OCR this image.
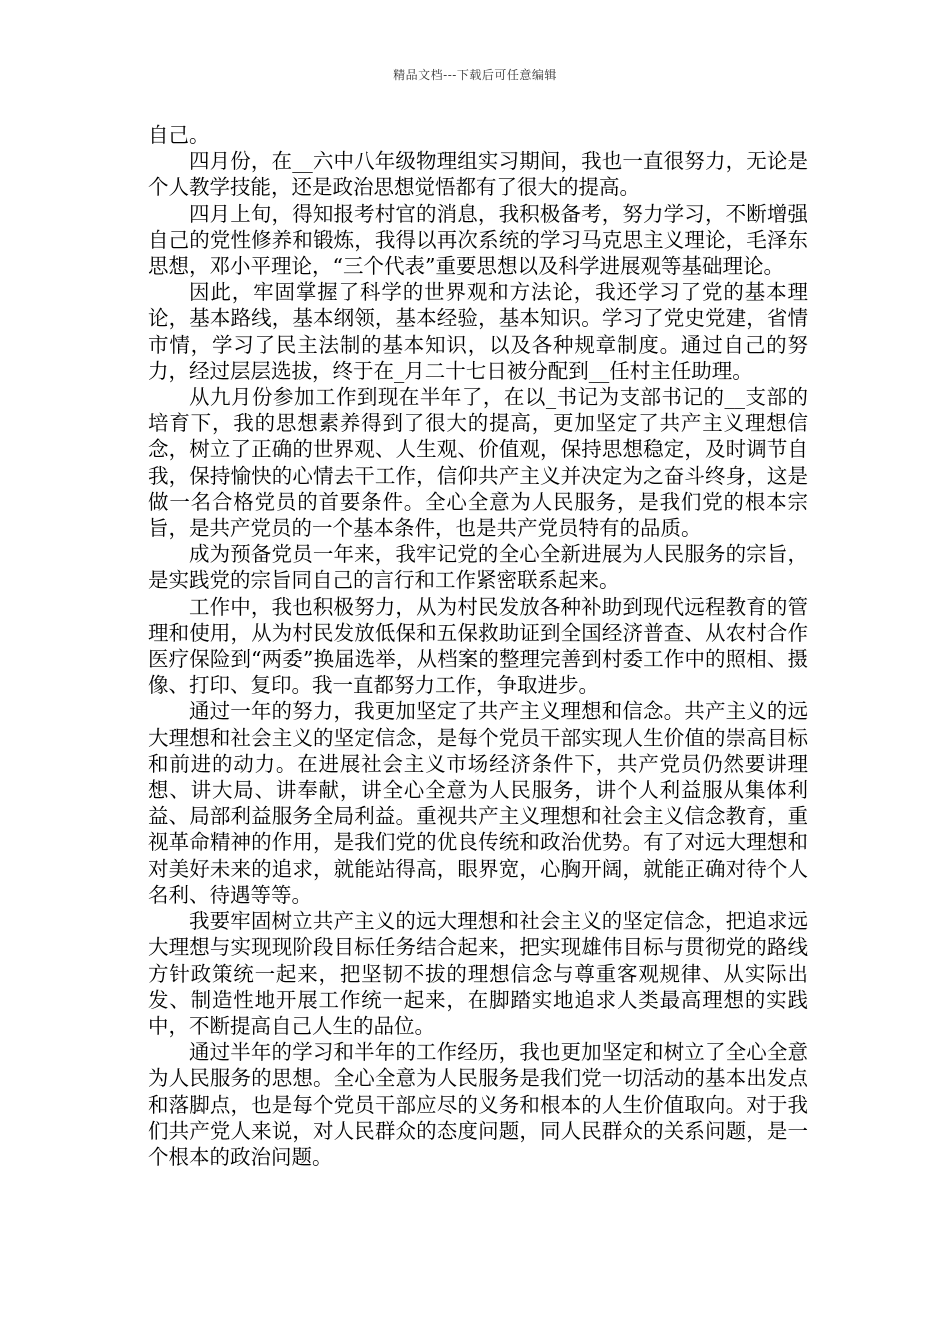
精品文档---下载后可任意编辑

自己。

四月份，在__六中八年级物理组实习期间，我也一直很努力，无论是个人教学技能，还是政治思想觉悟都有了很大的提高。

四月上旬，得知报考村官的消息，我积极备考，努力学习，不断增强自己的党性修养和锻炼，我得以再次系统的学习马克思主义理论，毛泽东思想，邓小平理论，“三个代表”重要思想以及科学进展观等基础理论。

因此，牢固掌握了科学的世界观和方法论，我还学习了党的基本理论，基本路线，基本纲领，基本经验，基本知识。学习了党史党建，省情市情，学习了民主法制的基本知识，以及各种规章制度。通过自己的努力，经过层层选拔，终于在_月二十七日被分配到__任村主任助理。

从九月份参加工作到现在半年了，在以_书记为支部书记的__支部的培育下，我的思想素养得到了很大的提高，更加坚定了共产主义理想信念，树立了正确的世界观、人生观、价值观，保持思想稳定，及时调节自我，保持愉快的心情去干工作，信仰共产主义并决定为之奋斗终身，这是做一名合格党员的首要条件。全心全意为人民服务，是我们党的根本宗旨，是共产党员的一个基本条件，也是共产党员特有的品质。

成为预备党员一年来，我牢记党的全心全新进展为人民服务的宗旨，是实践党的宗旨同自己的言行和工作紧密联系起来。

工作中，我也积极努力，从为村民发放各种补助到现代远程教育的管理和使用，从为村民发放低保和五保救助证到全国经济普查、从农村合作医疗保险到“两委”换届选举，从档案的整理完善到村委工作中的照相、摄像、打印、复印。我一直都努力工作，争取进步。

通过一年的努力，我更加坚定了共产主义理想和信念。共产主义的远大理想和社会主义的坚定信念，是每个党员干部实现人生价值的崇高目标和前进的动力。在进展社会主义市场经济条件下，共产党员仍然要讲理想、讲大局、讲奉献，讲全心全意为人民服务，讲个人利益服从集体利益、局部利益服务全局利益。重视共产主义理想和社会主义信念教育，重视革命精神的作用，是我们党的优良传统和政治优势。有了对远大理想和对美好未来的追求，就能站得高，眼界宽，心胸开阔，就能正确对待个人名利、待遇等等。

我要牢固树立共产主义的远大理想和社会主义的坚定信念，把追求远大理想与实现现阶段目标任务结合起来，把实现雄伟目标与贯彻党的路线方针政策统一起来，把坚韧不拔的理想信念与尊重客观规律、从实际出发、制造性地开展工作统一起来，在脚踏实地追求人类最高理想的实践中，不断提高自己人生的品位。

通过半年的学习和半年的工作经历，我也更加坚定和树立了全心全意为人民服务的思想。全心全意为人民服务是我们党一切活动的基本出发点和落脚点，也是每个党员干部应尽的义务和根本的人生价值取向。对于我们共产党人来说，对人民群众的态度问题，同人民群众的关系问题，是一个根本的政治问题。
